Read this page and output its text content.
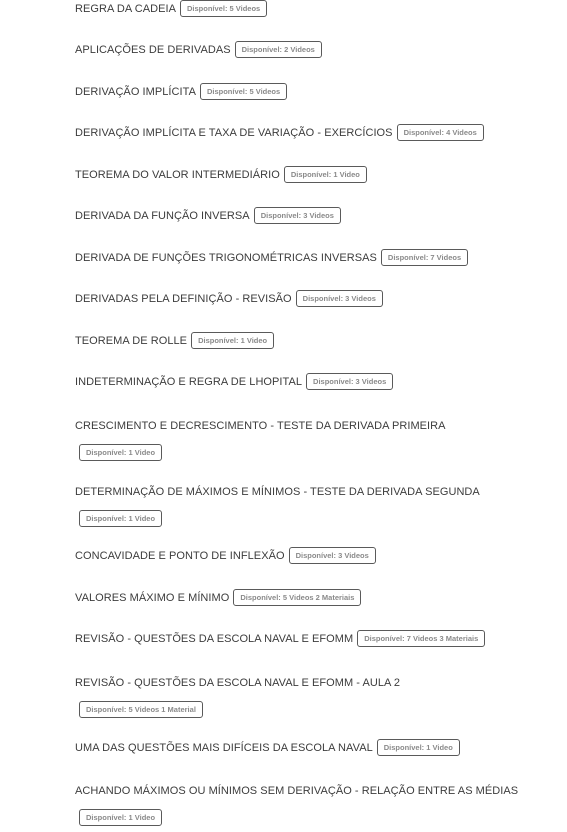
REGRA DA CADEIA Disponível: 5 Videos
APLICAÇÕES DE DERIVADAS Disponível: 2 Videos
DERIVAÇÃO IMPLÍCITA Disponível: 5 Videos
DERIVAÇÃO IMPLÍCITA E TAXA DE VARIAÇÃO - EXERCÍCIOS Disponível: 4 Videos
TEOREMA DO VALOR INTERMEDIÁRIO Disponível: 1 Video
DERIVADA DA FUNÇÃO INVERSA Disponível: 3 Videos
DERIVADA DE FUNÇÕES TRIGONOMÉTRICAS INVERSAS Disponível: 7 Videos
DERIVADAS PELA DEFINIÇÃO - REVISÃO Disponível: 3 Videos
TEOREMA DE ROLLE Disponível: 1 Video
INDETERMINAÇÃO E REGRA DE LHOPITAL Disponível: 3 Videos
CRESCIMENTO E DECRESCIMENTO - TESTE DA DERIVADA PRIMEIRA
Disponível: 1 Video
DETERMINAÇÃO DE MÁXIMOS E MÍNIMOS - TESTE DA DERIVADA SEGUNDA
Disponível: 1 Video
CONCAVIDADE E PONTO DE INFLEXÃO Disponível: 3 Videos
VALORES MÁXIMO E MÍNIMO Disponível: 5 Videos 2 Materiais
REVISÃO - QUESTÕES DA ESCOLA NAVAL E EFOMM Disponível: 7 Videos 3 Materiais
REVISÃO - QUESTÕES DA ESCOLA NAVAL E EFOMM - AULA 2
Disponível: 5 Videos 1 Material
UMA DAS QUESTÕES MAIS DIFÍCEIS DA ESCOLA NAVAL Disponível: 1 Video
ACHANDO MÁXIMOS OU MÍNIMOS SEM DERIVAÇÃO - RELAÇÃO ENTRE AS MÉDIAS
Disponível: 1 Video
